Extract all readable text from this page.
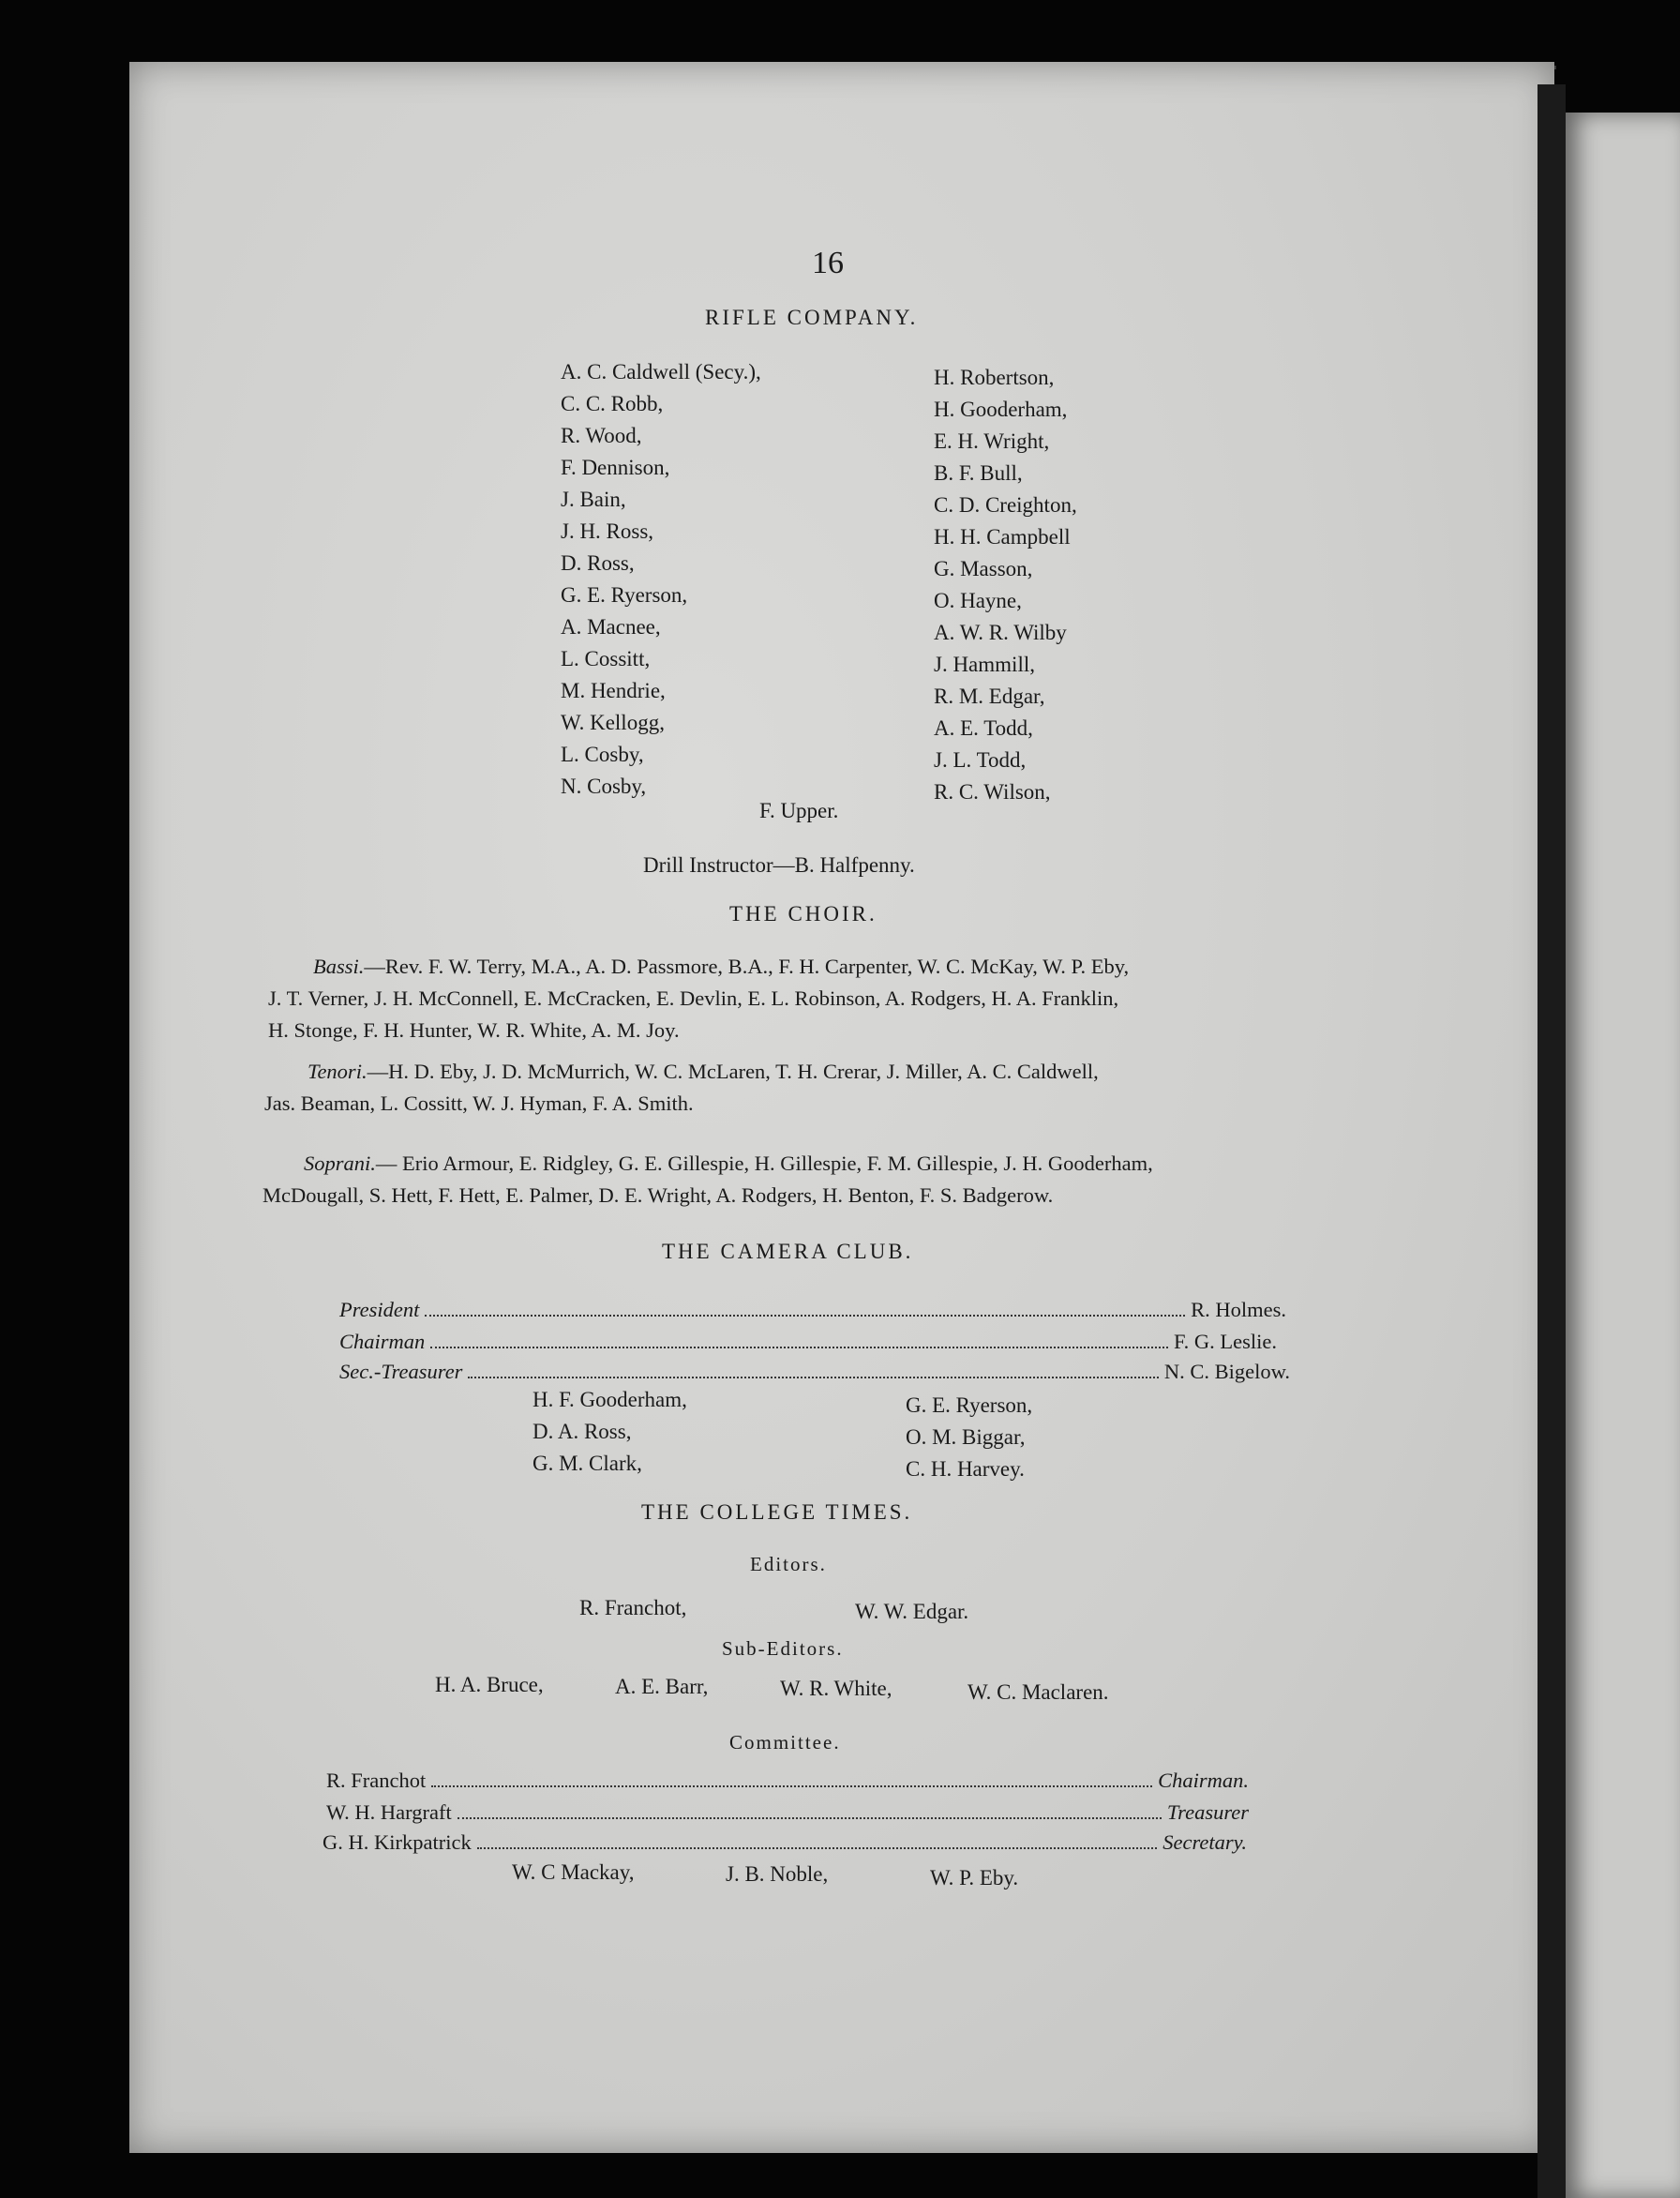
16
RIFLE COMPANY.
A. C. Caldwell (Secy.),
C. C. Robb,
R. Wood,
F. Dennison,
J. Bain,
J. H. Ross,
D. Ross,
G. E. Ryerson,
A. Macnee,
L. Cossitt,
M. Hendrie,
W. Kellogg,
L. Cosby,
N. Cosby,
H. Robertson,
H. Gooderham,
E. H. Wright,
B. F. Bull,
C. D. Creighton,
H. H. Campbell
G. Masson,
O. Hayne,
A. W. R. Wilby
J. Hammill,
R. M. Edgar,
A. E. Todd,
J. L. Todd,
R. C. Wilson,
F. Upper.
Drill Instructor—B. Halfpenny.
THE CHOIR.
Bassi.—Rev. F. W. Terry, M.A., A. D. Passmore, B.A., F. H. Carpenter, W. C. McKay, W. P. Eby,
J. T. Verner, J. H. McConnell, E. McCracken, E. Devlin, E. L. Robinson, A. Rodgers, H. A. Franklin,
H. Stonge, F. H. Hunter, W. R. White, A. M. Joy.
Tenori.—H. D. Eby, J. D. McMurrich, W. C. McLaren, T. H. Crerar, J. Miller, A. C. Caldwell,
Jas. Beaman, L. Cossitt, W. J. Hyman, F. A. Smith.
Soprani.— Erio Armour, E. Ridgley, G. E. Gillespie, H. Gillespie, F. M. Gillespie, J. H. Gooderham,
McDougall, S. Hett, F. Hett, E. Palmer, D. E. Wright, A. Rodgers, H. Benton, F. S. Badgerow.
THE CAMERA CLUB.
President	R. Holmes.
Chairman	F. G. Leslie.
Sec.-Treasurer	N. C. Bigelow.
H. F. Gooderham,
D. A. Ross,
G. M. Clark,
G. E. Ryerson,
O. M. Biggar,
C. H. Harvey.
THE COLLEGE TIMES.
Editors.
R. Franchot,	W. W. Edgar.
Sub-Editors.
H. A. Bruce,	A. E. Barr,	W. R. White,	W. C. Maclaren.
Committee.
R. Franchot	Chairman.
W. H. Hargraft	Treasurer
G. H. Kirkpatrick	Secretary.
W. C Mackay,	J. B. Noble,	W. P. Eby.
